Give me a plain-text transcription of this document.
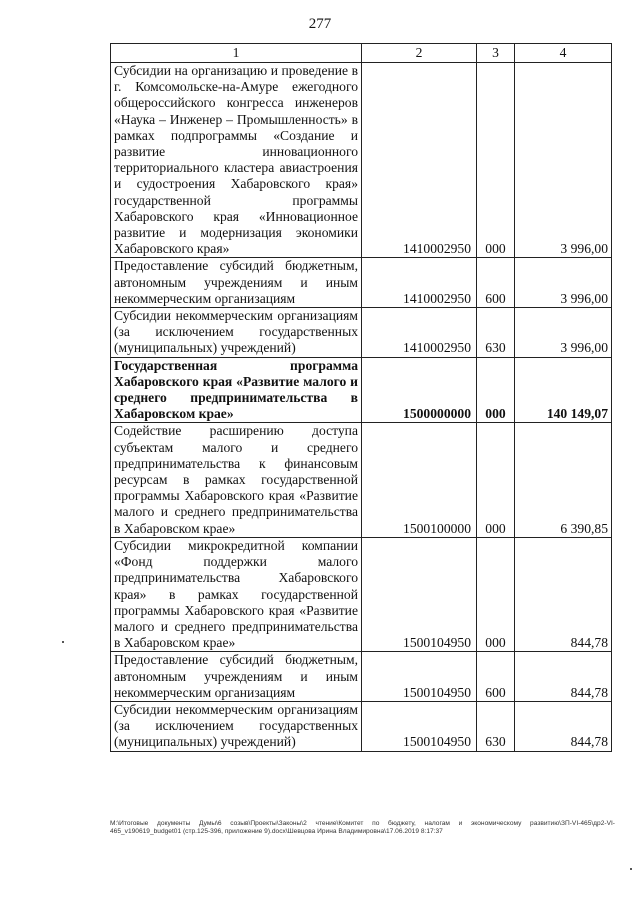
277
1	2	3	4
Субсидии на организацию и проведение в г. Комсомольске-на-Амуре ежегодного общероссийского конгресса инженеров «Наука – Инженер – Промышленность» в рамках подпрограммы «Создание и развитие инновационного территориального кластера авиастроения и судостроения Хабаровского края» государственной программы Хабаровского края «Инновационное развитие и модернизация экономики Хабаровского края»	1410002950	000	3 996,00
Предоставление субсидий бюджетным, автономным учреждениям и иным некоммерческим организациям	1410002950	600	3 996,00
Субсидии некоммерческим организациям (за исключением государственных (муниципальных) учреждений)	1410002950	630	3 996,00
Государственная программа Хабаровского края «Развитие малого и среднего предпринимательства в Хабаровском крае»	1500000000	000	140 149,07
Содействие расширению доступа субъектам малого и среднего предпринимательства к финансовым ресурсам в рамках государственной программы Хабаровского края «Развитие малого и среднего предпринимательства в Хабаровском крае»	1500100000	000	6 390,85
Субсидии микрокредитной компании «Фонд поддержки малого предпринимательства Хабаровского края» в рамках государственной программы Хабаровского края «Развитие малого и среднего предпринимательства в Хабаровском крае»	1500104950	000	844,78
Предоставление субсидий бюджетным, автономным учреждениям и иным некоммерческим организациям	1500104950	600	844,78
Субсидии некоммерческим организациям (за исключением государственных (муниципальных) учреждений)	1500104950	630	844,78
M:\Итоговые документы Думы\6 созыв\Проекты\Законы\2 чтение\Комитет по бюджету, налогам и экономическому развитию\ЗП-VI-465\др2-VI-465_v190619_budget01 (стр.125-396, приложение 9).docx\Шевцова Ирина Владимировна\17.06.2019 8:17:37
